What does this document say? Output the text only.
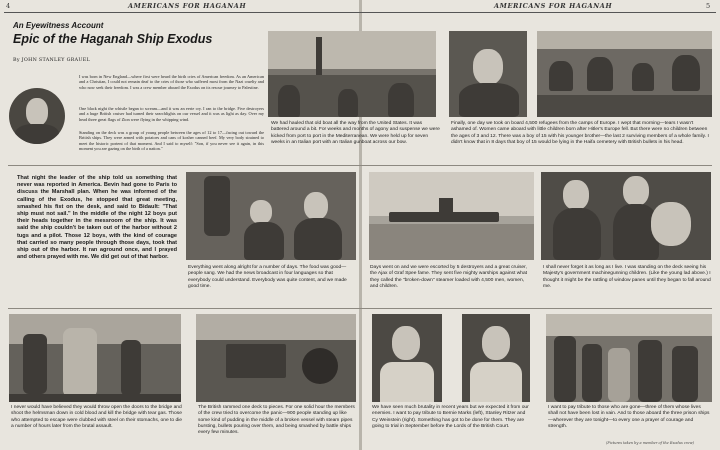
4	AMERICANS FOR HAGANAH	AMERICANS FOR HAGANAH	5
An Eyewitness Account
Epic of the Haganah Ship Exodus
By JOHN STANLEY GRAUEL
I was born in New England—where first were heard the birth cries of American freedom. As an American and a Christian, I could not remain deaf to the cries of those who suffered most from the Nazi cruelty and who now seek their freedom. I was a crew member aboard the Exodus on its rescue journey to Palestine.
One black night the whistle began to scream—and it was an eerie cry. I ran to the bridge. Five destroyers and a huge British cruiser had turned their searchlights on our vessel and it was as light as day. Over my head three great flags of Zion were flying in the whipping wind.
Standing on the deck was a group of young people between the ages of 12 to 17—facing out toward the British ships. They were armed with potatoes and cans of kosher canned beef. My very body strained to meet the historic portent of that moment. And I said to myself: "Son, if you never see it again, in this moment you are gazing on the birth of a nation."
We had hauled that old boat all the way from the United States. It was battered around a bit. For weeks and months of agony and suspense we were kicked from port to port in the Mediterranean. We were held up for seven weeks in an Italian port with an Italian gunboat across our bow.
Finally, one day we took on board 4,500 refugees from the camps of Europe. I wept that morning—tears I wasn't ashamed of. Women came aboard with little children born after Hitler's Europe fell. But there were no children between the ages of 3 and 12. There was a boy of 15 with his younger brother—the last 2 surviving members of a whole family. I didn't know that in 8 days that boy of 15 would be lying in the Haifa cemetery with British bullets in his head.
That night the leader of the ship told us something that never was reported in America. Bevin had gone to Paris to discuss the Marshall plan. When he was informed of the calling of the Exodus, he stopped that great meeting, smashed his fist on the desk, and said to Bidault: "That ship must not sail." In the middle of the night 12 boys put their heads together in the messroom of the ship. It was said the ship couldn't be taken out of the harbor without 2 tugs and a pilot. Those 12 boys, with the kind of courage that carried so many people through those days, took that ship out of the harbor. It ran aground once, and I prayed and others prayed with me. We did get out of that harbor.
Everything went along alright for a number of days. The food was good—people sang. We had the news broadcast in four languages so that everybody could understand. Everybody was quite content, and we made good time.
Days went on and we were escorted by 5 destroyers and a great cruiser, the Ajax of Graf Spee fame. They sent five mighty warships against what they called the "broken-down" steamer loaded with 4,500 men, women, and children.
I shall never forget it as long as I live. I was standing on the deck seeing his Majesty's government machinegunning children. (Like the young lad above.) I thought it might be the rattling of window panes until they began to fall around me.
I never would have believed they would throw open the doors to the bridge and shoot the helmsman down in cold blood and kill the bridge with tear gas. Those who attempted to escape were clubbed with steel on their stomachs, one to die a number of hours later from the brutal assault.
The British rammed one deck to pieces. For one solid hour the members of the crew tried to overcome the panic—900 people standing up like some kind of pudding in the middle of a broken vessel with steam pipes bursting, bullets pouring over them, and being smashed by battle ships every few minutes.
We have seen much brutality in recent years but we expected it from our enemies. I want to pay tribute to Bernie Marks (left), Stanley Ritzer and Cy Weinstein (right). Something has got to be done for them. They are going to trial in September before the Lords of the British Court.
I want to pay tribute to those who are gone—three of them whose lives shall not have been lost in vain. And to those aboard the three prison ships—wherever they are tonight—to every one a prayer of courage and strength.
(Pictures taken by a member of the Exodus crew)
